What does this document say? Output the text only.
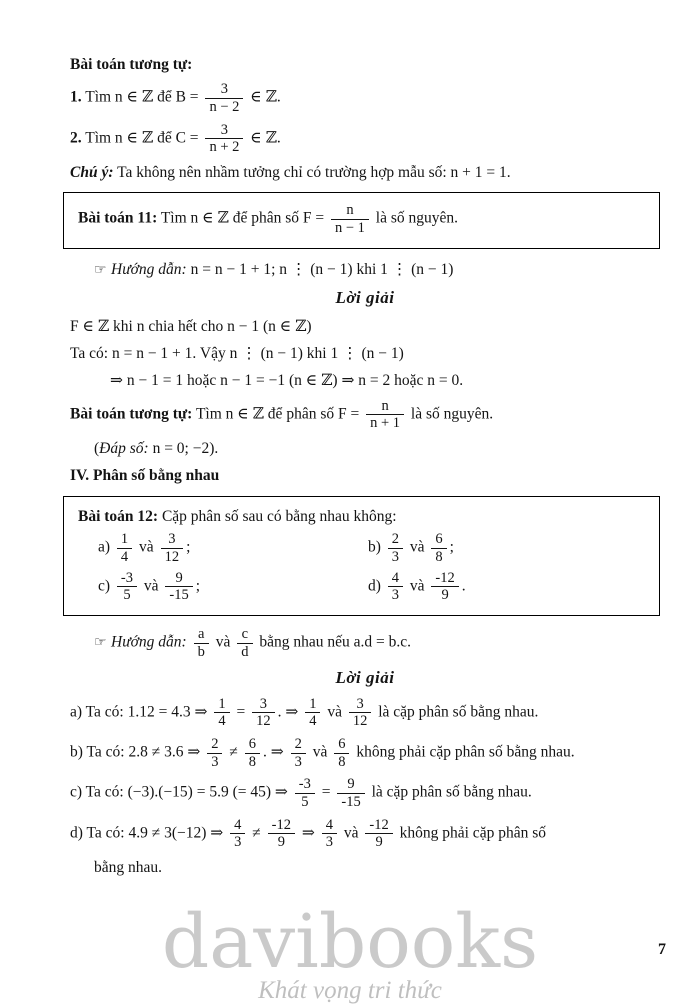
Bài toán tương tự:
1. Tìm n ∈ ℤ để $B = \frac{3}{n - 2}$ ∈ ℤ.
2. Tìm n ∈ ℤ để $C = \frac{3}{n + 2}$ ∈ ℤ.
Chú ý: Ta không nên nhầm tưởng chỉ có trường hợp mẫu số: n + 1 = 1.
Bài toán 11: Tìm n ∈ ℤ để phân số $F = \frac{n}{n - 1}$ là số nguyên.
☞ Hướng dẫn: n = n − 1 + 1; n ⋮ (n − 1) khi 1 ⋮ (n − 1)
Lời giải
F ∈ ℤ khi n chia hết cho n − 1 (n ∈ ℤ)
Ta có: n = n − 1 + 1. Vậy n ⋮ (n − 1) khi 1 ⋮ (n − 1)
⇒ n − 1 = 1 hoặc n − 1 = −1 (n ∈ ℤ) ⇒ n = 2 hoặc n = 0.
Bài toán tương tự: Tìm n ∈ ℤ để phân số $F = \frac{n}{n + 1}$ là số nguyên.
(Đáp số: n = 0; −2).
IV. Phân số bằng nhau
Bài toán 12: Cặp phân số sau có bằng nhau không:
$a) \frac{1}{4}$ và $\frac{3}{12}$ ;	$b) \frac{2}{3}$ và $\frac{6}{8}$ ;
$c) \frac{-3}{5}$ và $\frac{9}{-15}$ ;	$d) \frac{4}{3}$ và $\frac{-12}{9}$ .
☞ Hướng dẫn: $\frac{a}{b}$ và $\frac{c}{d}$ bằng nhau nếu a.d = b.c.
Lời giải
a) Ta có: 1.12 = 4.3 ⇒ $\frac{1}{4} = \frac{3}{12}$ . ⇒ $\frac{1}{4}$ và $\frac{3}{12}$ là cặp phân số bằng nhau.
b) Ta có: 2.8 ≠ 3.6 ⇒ $\frac{2}{3} \ne \frac{6}{8}$ . ⇒ $\frac{2}{3}$ và $\frac{6}{8}$ không phải cặp phân số bằng nhau.
c) Ta có: (−3).(−15) = 5.9 (= 45) ⇒ $\frac{-3}{5} = \frac{9}{-15}$ là cặp phân số bằng nhau.
d) Ta có: 4.9 ≠ 3(−12) ⇒ $\frac{4}{3} \ne \frac{-12}{9}$ ⇒ $\frac{4}{3}$ và $\frac{-12}{9}$ không phải cặp phân số
bằng nhau.
davibooks
Khát vọng tri thức
7
